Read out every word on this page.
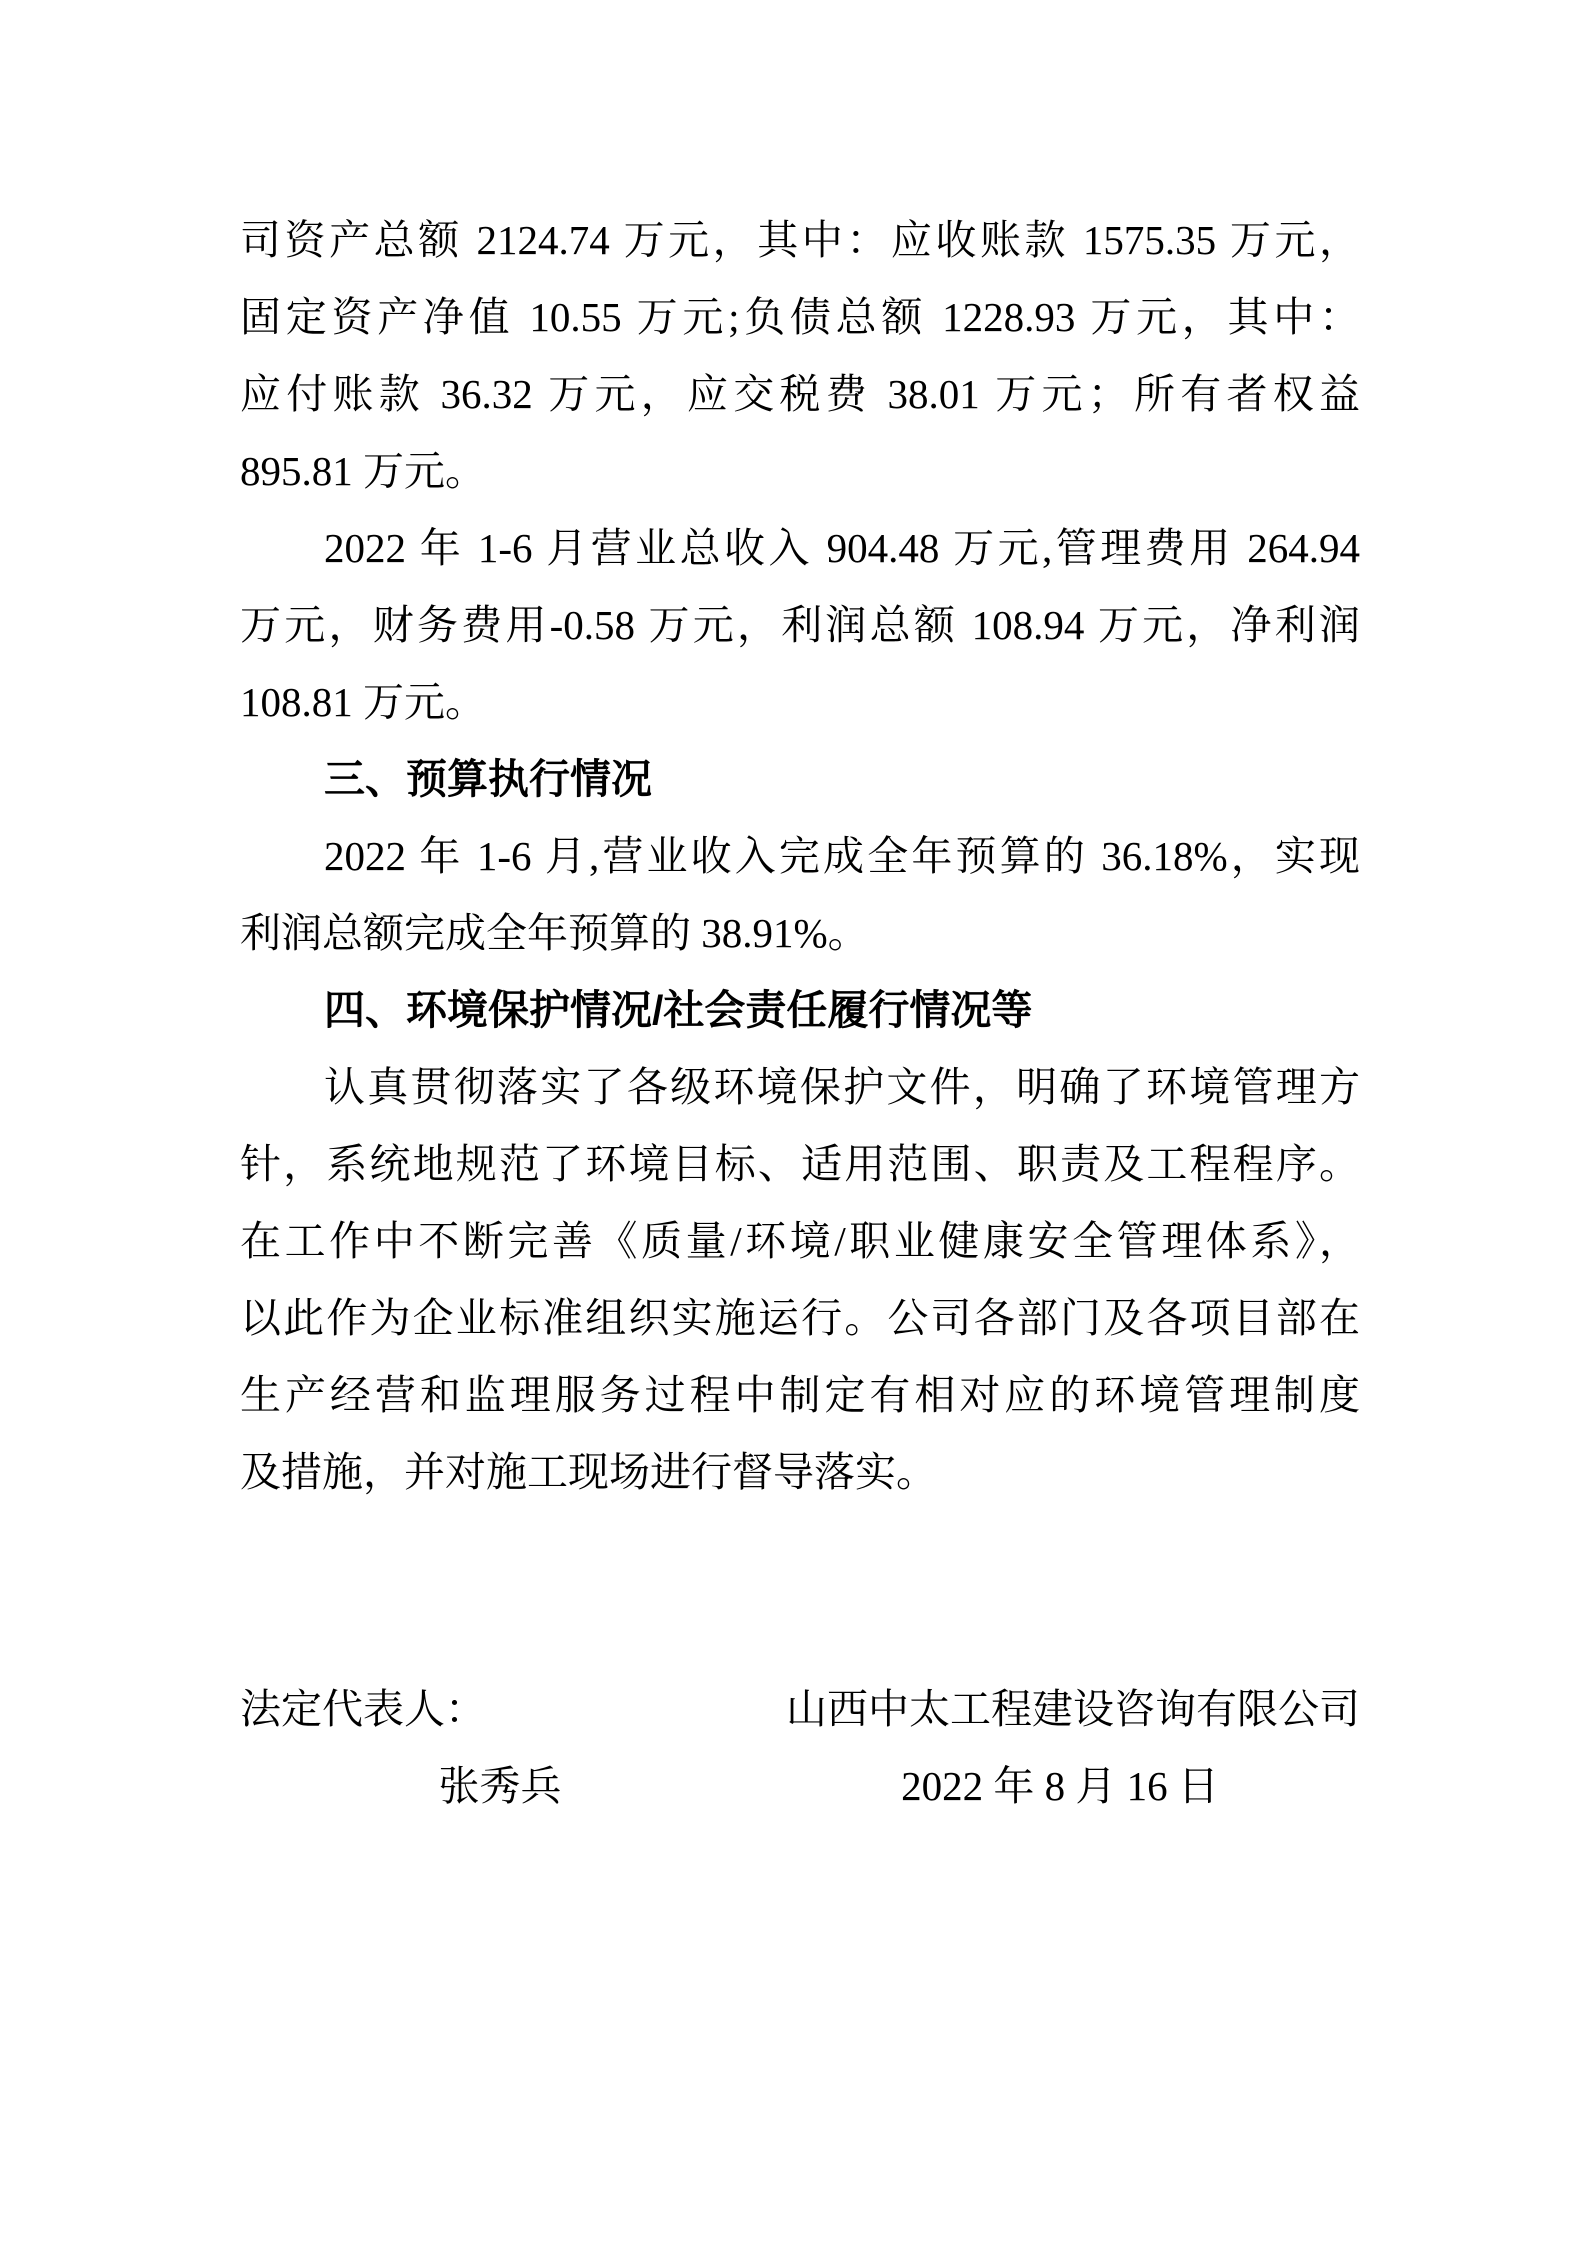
司资产总额 2124.74 万元，其中：应收账款 1575.35 万元，
固定资产净值 10.55 万元;负债总额 1228.93 万元，其中：
应付账款 36.32 万元，应交税费 38.01 万元；所有者权益
895.81 万元。
2022 年 1-6 月营业总收入 904.48 万元,管理费用 264.94
万元，财务费用-0.58 万元，利润总额 108.94 万元，净利润
108.81 万元。
三、预算执行情况
2022 年 1-6 月,营业收入完成全年预算的 36.18%，实现
利润总额完成全年预算的 38.91%。
四、环境保护情况/社会责任履行情况等
认真贯彻落实了各级环境保护文件，明确了环境管理方
针，系统地规范了环境目标、适用范围、职责及工程程序。
在工作中不断完善《质量/环境/职业健康安全管理体系》，
以此作为企业标准组织实施运行。公司各部门及各项目部在
生产经营和监理服务过程中制定有相对应的环境管理制度
及措施，并对施工现场进行督导落实。
法定代表人：	山西中太工程建设咨询有限公司
张秀兵	2022 年 8 月 16 日
